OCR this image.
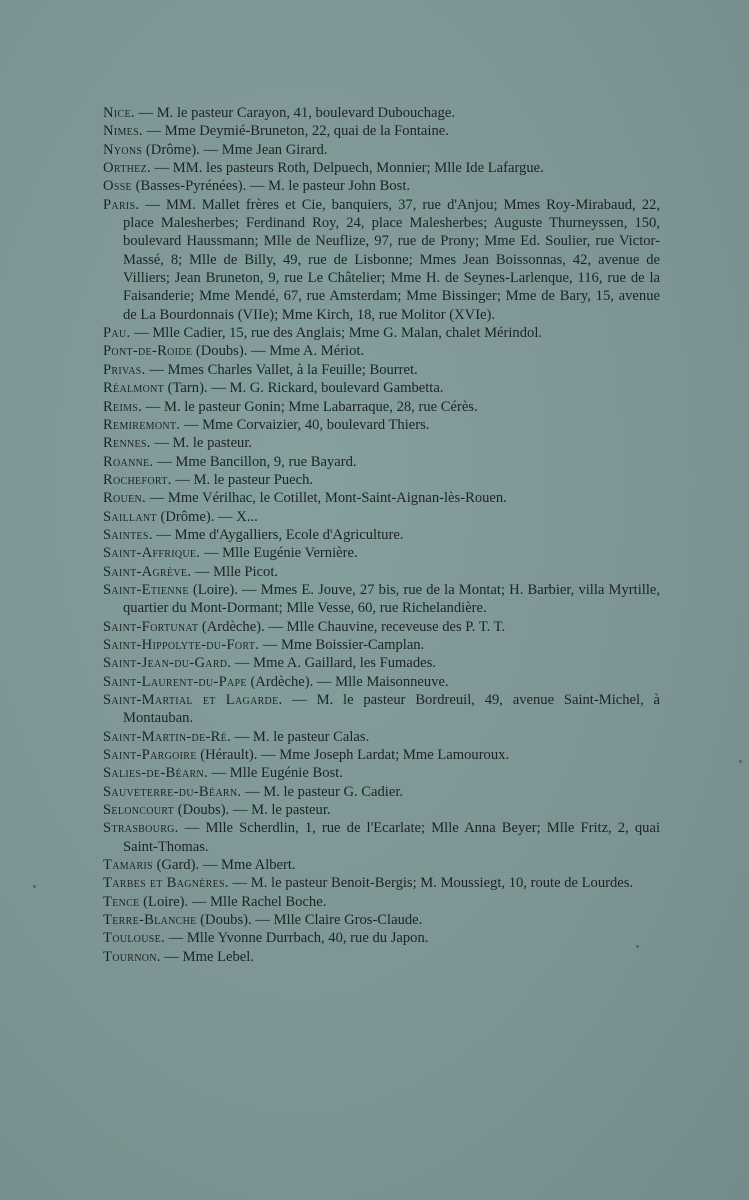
Nice. — M. le pasteur Carayon, 41, boulevard Dubouchage.

Nimes. — Mme Deymié-Bruneton, 22, quai de la Fontaine.

Nyons (Drôme). — Mme Jean Girard.

Orthez. — MM. les pasteurs Roth, Delpuech, Monnier; Mlle Ide Lafargue.

Osse (Basses-Pyrénées). — M. le pasteur John Bost.

Paris. — MM. Mallet frères et Cie, banquiers, 37, rue d'Anjou; Mmes Roy-Mirabaud, 22, place Malesherbes; Ferdinand Roy, 24, place Malesherbes; Auguste Thurneyssen, 150, boulevard Haussmann; Mlle de Neuflize, 97, rue de Prony; Mme Ed. Soulier, rue Victor-Massé, 8; Mlle de Billy, 49, rue de Lisbonne; Mmes Jean Boissonnas, 42, avenue de Villiers; Jean Bruneton, 9, rue Le Châtelier; Mme H. de Seynes-Larlenque, 116, rue de la Faisanderie; Mme Mendé, 67, rue Amsterdam; Mme Bissinger; Mme de Bary, 15, avenue de La Bourdonnais (VIIe); Mme Kirch, 18, rue Molitor (XVIe).

Pau. — Mlle Cadier, 15, rue des Anglais; Mme G. Malan, chalet Mérindol.

Pont-de-Roide (Doubs). — Mme A. Mériot.

Privas. — Mmes Charles Vallet, à la Feuille; Bourret.

Réalmont (Tarn). — M. G. Rickard, boulevard Gambetta.

Reims. — M. le pasteur Gonin; Mme Labarraque, 28, rue Cérès.

Remiremont. — Mme Corvaizier, 40, boulevard Thiers.

Rennes. — M. le pasteur.

Roanne. — Mme Bancillon, 9, rue Bayard.

Rochefort. — M. le pasteur Puech.

Rouen. — Mme Vérilhac, le Cotillet, Mont-Saint-Aignan-lès-Rouen.

Saillant (Drôme). — X...

Saintes. — Mme d'Aygalliers, Ecole d'Agriculture.

Saint-Affrique. — Mlle Eugénie Vernière.

Saint-Agrève. — Mlle Picot.

Saint-Etienne (Loire). — Mmes E. Jouve, 27 bis, rue de la Montat; H. Barbier, villa Myrtille, quartier du Mont-Dormant; Mlle Vesse, 60, rue Richelandière.

Saint-Fortunat (Ardèche). — Mlle Chauvine, receveuse des P. T. T.

Saint-Hippolyte-du-Fort. — Mme Boissier-Camplan.

Saint-Jean-du-Gard. — Mme A. Gaillard, les Fumades.

Saint-Laurent-du-Pape (Ardèche). — Mlle Maisonneuve.

Saint-Martial et Lagarde. — M. le pasteur Bordreuil, 49, avenue Saint-Michel, à Montauban.

Saint-Martin-de-Ré. — M. le pasteur Calas.

Saint-Pargoire (Hérault). — Mme Joseph Lardat; Mme Lamouroux.

Salies-de-Béarn. — Mlle Eugénie Bost.

Sauveterre-du-Béarn. — M. le pasteur G. Cadier.

Seloncourt (Doubs). — M. le pasteur.

Strasbourg. — Mlle Scherdlin, 1, rue de l'Ecarlate; Mlle Anna Beyer; Mlle Fritz, 2, quai Saint-Thomas.

Tamaris (Gard). — Mme Albert.

Tarbes et Bagnères. — M. le pasteur Benoit-Bergis; M. Moussiegt, 10, route de Lourdes.

Tence (Loire). — Mlle Rachel Boche.

Terre-Blanche (Doubs). — Mlle Claire Gros-Claude.

Toulouse. — Mlle Yvonne Durrbach, 40, rue du Japon.

Tournon. — Mme Lebel.
